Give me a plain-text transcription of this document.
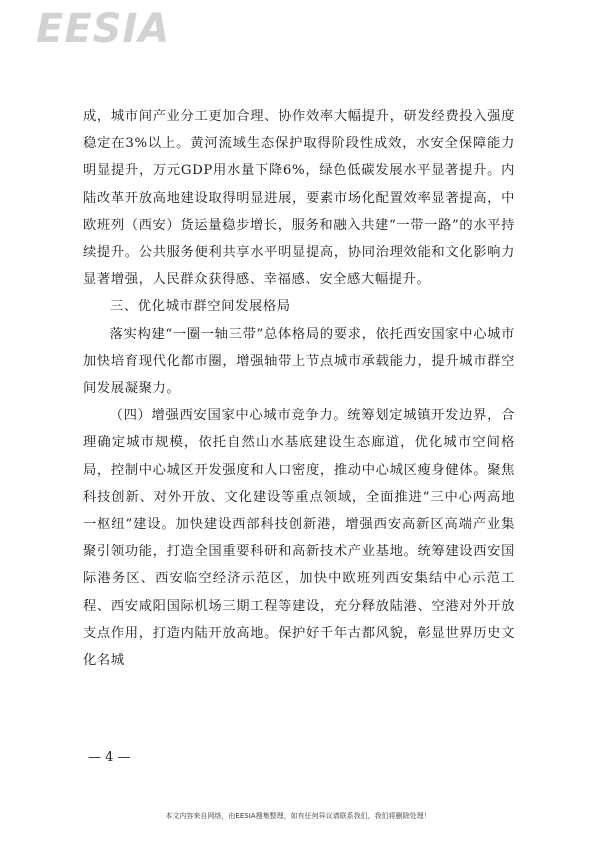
EESIA

成，城市间产业分工更加合理、协作效率大幅提升，研发经费投入强度稳定在3%以上。黄河流域生态保护取得阶段性成效，水安全保障能力明显提升，万元GDP用水量下降6%，绿色低碳发展水平显著提升。内陆改革开放高地建设取得明显进展，要素市场化配置效率显著提高，中欧班列（西安）货运量稳步增长，服务和融入共建“一带一路”的水平持续提升。公共服务便利共享水平明显提高，协同治理效能和文化影响力显著增强，人民群众获得感、幸福感、安全感大幅提升。

三、优化城市群空间发展格局

落实构建“一圈一轴三带”总体格局的要求，依托西安国家中心城市加快培育现代化都市圈，增强轴带上节点城市承载能力，提升城市群空间发展凝聚力。

（四）增强西安国家中心城市竞争力。统筹划定城镇开发边界，合理确定城市规模，依托自然山水基底建设生态廊道，优化城市空间格局，控制中心城区开发强度和人口密度，推动中心城区瘦身健体。聚焦科技创新、对外开放、文化建设等重点领域，全面推进“三中心两高地一枢纽”建设。加快建设西部科技创新港，增强西安高新区高端产业集聚引领功能，打造全国重要科研和高新技术产业基地。统筹建设西安国际港务区、西安临空经济示范区，加快中欧班列西安集结中心示范工程、西安咸阳国际机场三期工程等建设，充分释放陆港、空港对外开放支点作用，打造内陆开放高地。保护好千年古都风貌，彰显世界历史文化名城

— 4 —
本文内容来自网络，由EESIA搜集整理，如有任何异议请联系我们，我们将删除处理！
